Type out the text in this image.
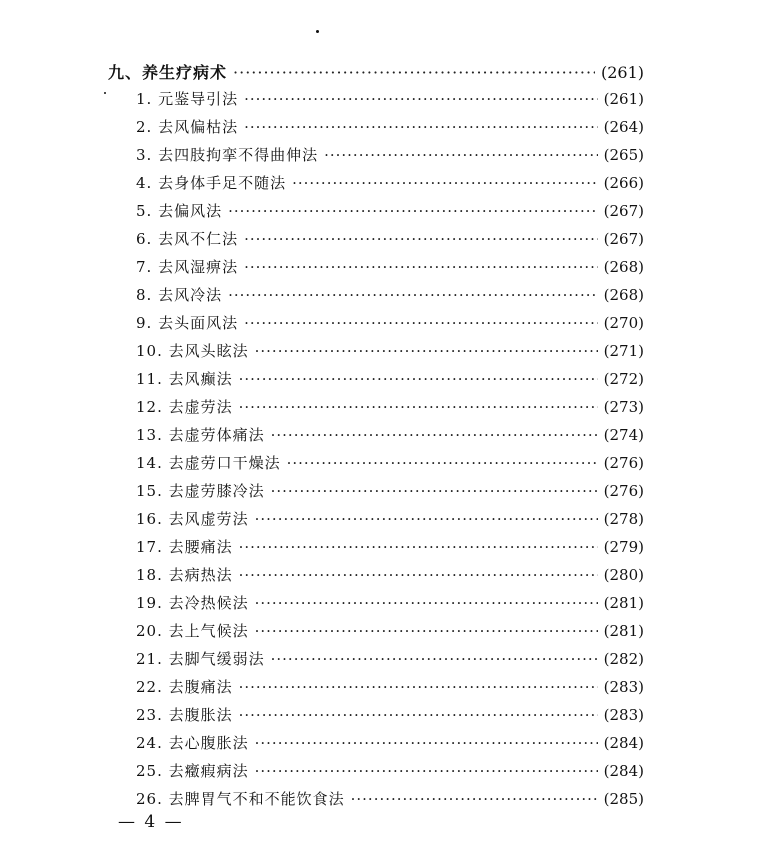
九、养生疗病术 ·····	(261)
1. 元鉴导引法 ·····	(261)
2. 去风偏枯法 ·····	(264)
3. 去四肢拘挛不得曲伸法 ·····	(265)
4. 去身体手足不随法 ·····	(266)
5. 去偏风法 ·····	(267)
6. 去风不仁法 ·····	(267)
7. 去风湿痹法 ·····	(268)
8. 去风冷法 ·····	(268)
9. 去头面风法 ·····	(270)
10. 去风头眩法 ·····	(271)
11. 去风癫法 ·····	(272)
12. 去虚劳法 ·····	(273)
13. 去虚劳体痛法 ·····	(274)
14. 去虚劳口干燥法 ·····	(276)
15. 去虚劳膝冷法 ·····	(276)
16. 去风虚劳法 ·····	(278)
17. 去腰痛法 ·····	(279)
18. 去病热法 ·····	(280)
19. 去冷热候法 ·····	(281)
20. 去上气候法 ·····	(281)
21. 去脚气缓弱法 ·····	(282)
22. 去腹痛法 ·····	(283)
23. 去腹胀法 ·····	(283)
24. 去心腹胀法 ·····	(284)
25. 去癥瘕病法 ·····	(284)
26. 去脾胃气不和不能饮食法 ·····	(285)
— 4 —
